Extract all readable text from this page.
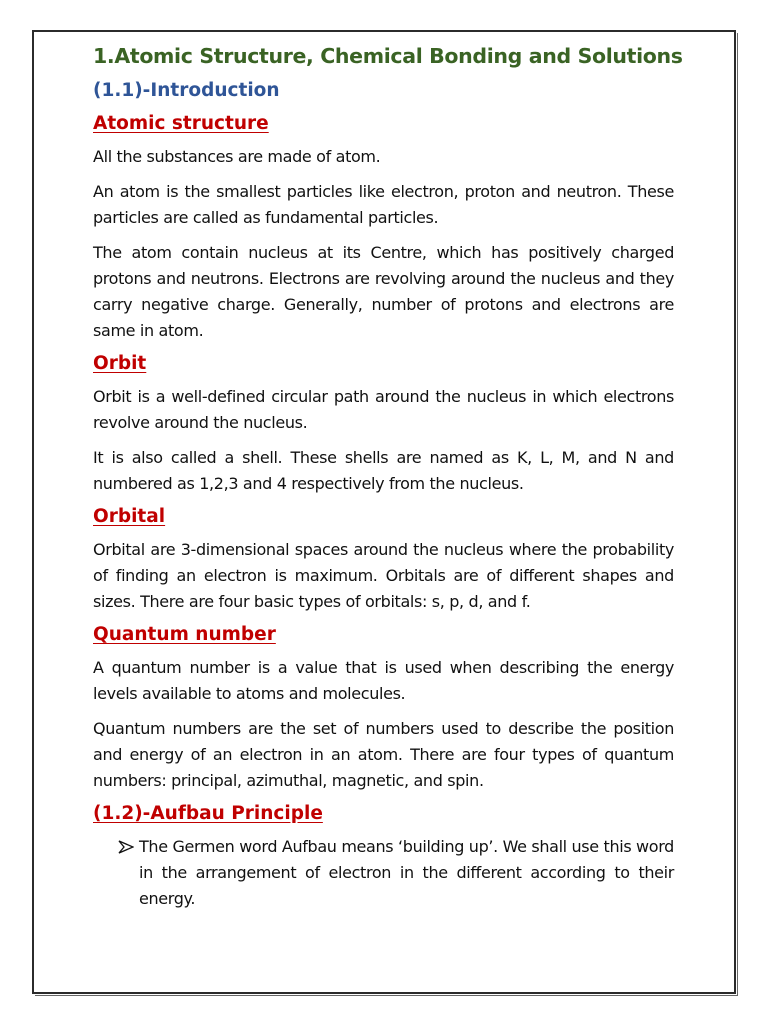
1.Atomic Structure, Chemical Bonding and Solutions
(1.1)-Introduction
Atomic structure

All the substances are made of atom.

An atom is the smallest particles like electron, proton and neutron. These particles are called as fundamental particles.

The atom contain nucleus at its Centre, which has positively charged protons and neutrons. Electrons are revolving around the nucleus and they carry negative charge. Generally, number of protons and electrons are same in atom.

Orbit

Orbit is a well-defined circular path around the nucleus in which electrons revolve around the nucleus.

It is also called a shell. These shells are named as K, L, M, and N and numbered as 1,2,3 and 4 respectively from the nucleus.

Orbital

Orbital are 3-dimensional spaces around the nucleus where the probability of finding an electron is maximum. Orbitals are of different shapes and sizes. There are four basic types of orbitals: s, p, d, and f.

Quantum number

A quantum number is a value that is used when describing the energy levels available to atoms and molecules.

Quantum numbers are the set of numbers used to describe the position and energy of an electron in an atom. There are four types of quantum numbers: principal, azimuthal, magnetic, and spin.

(1.2)-Aufbau Principle
The Germen word Aufbau means ‘building up’. We shall use this word in the arrangement of electron in the different according to their energy.
